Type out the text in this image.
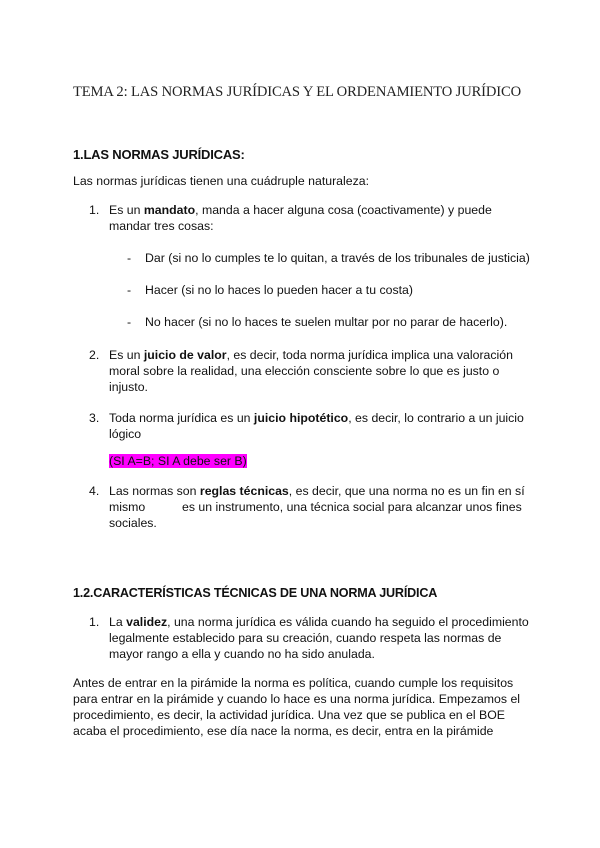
TEMA 2: LAS NORMAS JURÍDICAS Y EL ORDENAMIENTO JURÍDICO
1.LAS NORMAS JURÍDICAS:
Las normas jurídicas tienen una cuádruple naturaleza:
1. Es un mandato, manda a hacer alguna cosa (coactivamente) y puede
mandar tres cosas:
- Dar (si no lo cumples te lo quitan, a través de los tribunales de justicia)
- Hacer (si no lo haces lo pueden hacer a tu costa)
- No hacer (si no lo haces te suelen multar por no parar de hacerlo).
2. Es un juicio de valor, es decir, toda norma jurídica implica una valoración
moral sobre la realidad, una elección consciente sobre lo que es justo o
injusto.
3. Toda norma jurídica es un juicio hipotético, es decir, lo contrario a un juicio
lógico
(SI A=B; SI A debe ser B)
4. Las normas son reglas técnicas, es decir, que una norma no es un fin en sí
mismo	es un instrumento, una técnica social para alcanzar unos fines
sociales.
1.2.CARACTERÍSTICAS TÉCNICAS DE UNA NORMA JURÍDICA
1. La validez, una norma jurídica es válida cuando ha seguido el procedimiento
legalmente establecido para su creación, cuando respeta las normas de
mayor rango a ella y cuando no ha sido anulada.
Antes de entrar en la pirámide la norma es política, cuando cumple los requisitos
para entrar en la pirámide y cuando lo hace es una norma jurídica. Empezamos el
procedimiento, es decir, la actividad jurídica. Una vez que se publica en el BOE
acaba el procedimiento, ese día nace la norma, es decir, entra en la pirámide
